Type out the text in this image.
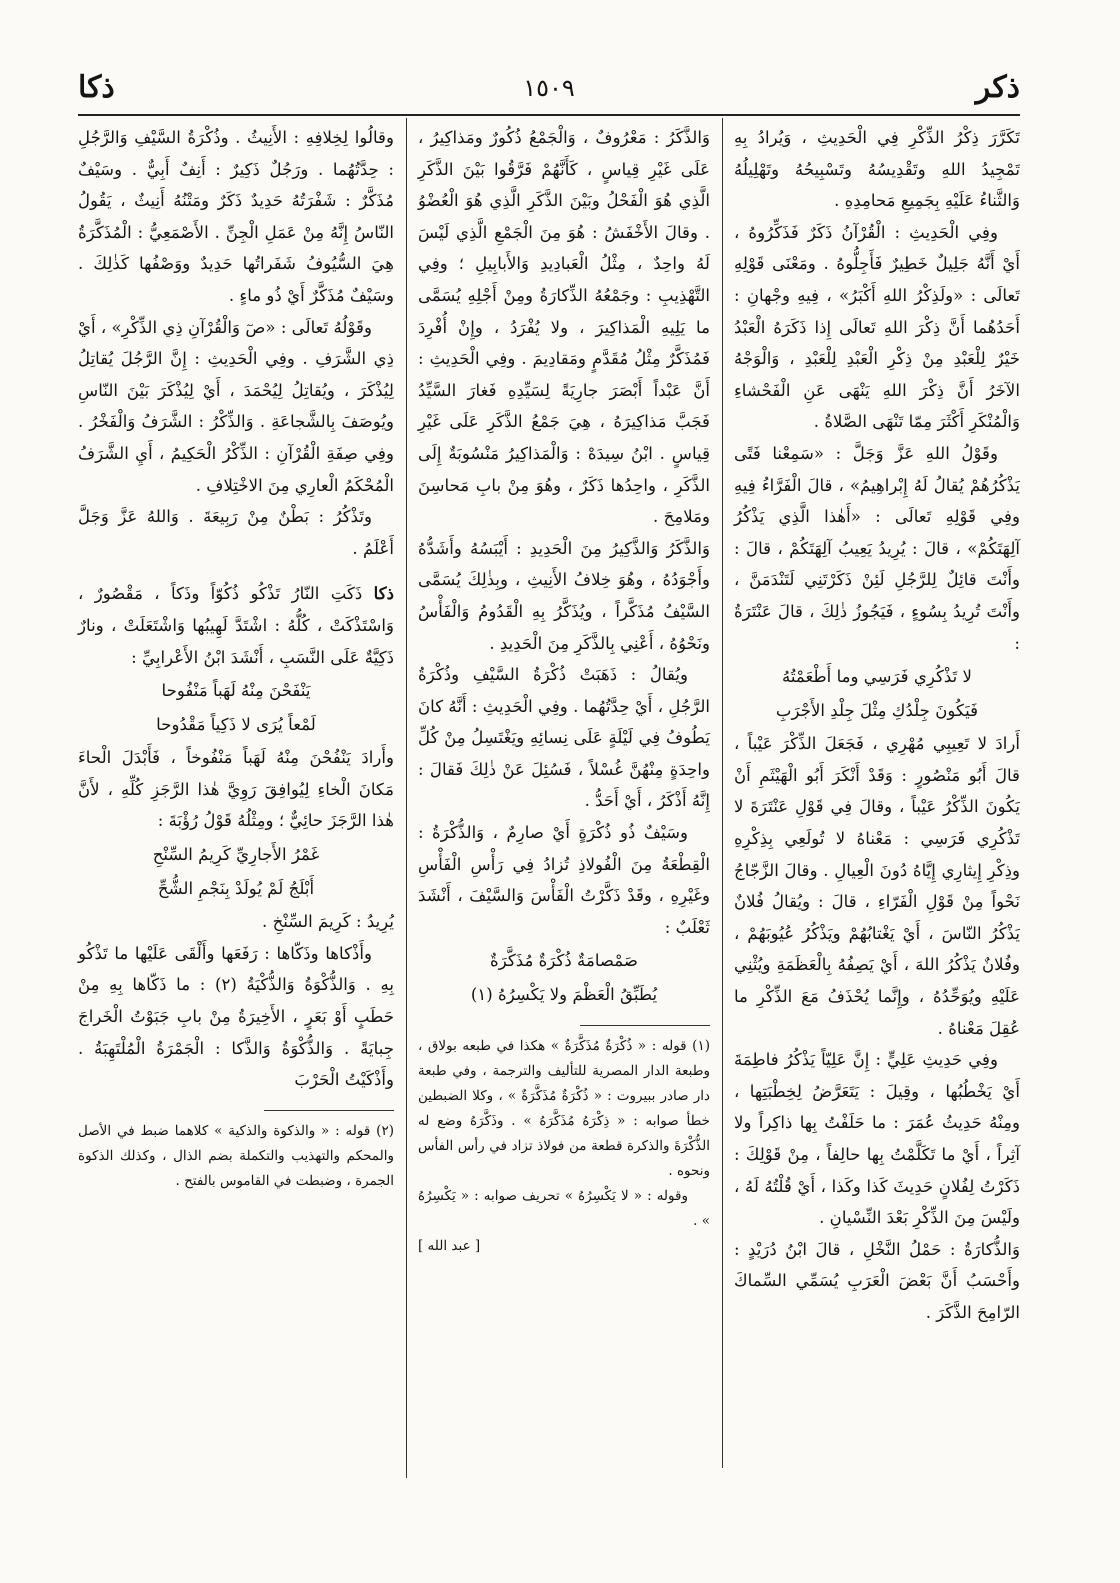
ذكر
١٥٠٩
ذكا

تَكَرَّرَ ذِكْرُ الذِّكْرِ فِي الْحَدِيثِ ، وَيُرادُ بِهِ تَمْجِيدُ اللهِ وتَقْدِيسُهُ وتَسْبِيحُهُ وتَهْلِيلُهُ وَالثَّناءُ عَلَيْهِ بِجَمِيعِ مَحامِدِهِ .

وفِي الْحَدِيثِ : الْقُرْآنُ ذَكَرٌ فَذَكِّرُوهُ ، أَيْ أَنَّهُ جَلِيلٌ خَطِيرٌ فَأَجِلُّوهُ . ومَعْنَى قَوْلِهِ تَعالَى : «ولَذِكْرُ اللهِ أَكْبَرُ» ، فِيهِ وجْهانِ : أَحَدُهُما أَنَّ ذِكْرَ اللهِ تَعالَى إِذا ذَكَرَهُ الْعَبْدُ خَيْرٌ لِلْعَبْدِ مِنْ ذِكْرِ الْعَبْدِ لِلْعَبْدِ ، وَالْوَجْهُ الآخَرُ أَنَّ ذِكْرَ اللهِ يَنْهَى عَنِ الْفَحْشاءِ وَالْمُنْكَرِ أَكْثَرَ مِمّا تَنْهَى الصَّلاةُ .

وقَوْلُ اللهِ عَزَّ وَجَلَّ : «سَمِعْنا فَتًى يَذْكُرُهُمْ يُقالُ لَهُ إِبْراهِيمُ» ، قالَ الْفَرَّاءُ فِيهِ وفِي قَوْلِهِ تَعالَى : «أَهٰذا الَّذِي يَذْكُرُ آلِهَتَكُمْ» ، قالَ : يُرِيدُ يَعِيبُ آلِهَتَكُمْ ، قالَ : وأَنْتَ قائِلٌ لِلرَّجُلِ لَئِنْ ذَكَرْتَنِي لَتَنْدَمَنَّ ، وأَنْتَ تُرِيدُ بِسُوءٍ ، فَيَجُوزُ ذٰلِكَ ، قالَ عَنْتَرَةُ :

لا تَذْكُرِي فَرَسِي وما أَطْعَمْتُهُ

فَيَكُونَ جِلْدُكِ مِثْلَ جِلْدِ الأَجْرَبِ

أَرادَ لا تَعِيبِي مُهْرِي ، فَجَعَلَ الذِّكْرَ عَيْباً ، قالَ أَبُو مَنْصُورٍ : وَقَدْ أَنْكَرَ أَبُو الْهَيْثَمِ أَنْ يَكُونَ الذِّكْرُ عَيْباً ، وقالَ فِي قَوْلِ عَنْتَرَةَ لا تَذْكُرِي فَرَسِي : مَعْناهُ لا تُولَعِي بِذِكْرِهِ وذِكْرِ إِيثارِي إِيَّاهُ دُونَ الْعِيالِ . وقالَ الزَّجّاجُ نَحْواً مِنْ قَوْلِ الْفَرّاءِ ، قالَ : ويُقالُ فُلانٌ يَذْكُرُ النّاسَ ، أَيْ يَغْتابُهُمْ ويَذْكُرُ عُيُوبَهُمْ ، وفُلانٌ يَذْكُرُ اللهَ ، أَيْ يَصِفُهُ بِالْعَظَمَةِ ويُثْنِي عَلَيْهِ ويُوَحِّدُهُ ، وإِنَّما يُحْذَفُ مَعَ الذِّكْرِ ما عُقِلَ مَعْناهُ .

وفِي حَدِيثِ عَلِيٍّ : إِنَّ عَلِيّاً يَذْكُرُ فاطِمَةَ أَيْ يَخْطُبُها ، وقِيلَ : يَتَعَرَّضُ لِخِطْبَتِها ، ومِنْهُ حَدِيثُ عُمَرَ : ما حَلَفْتُ بِها ذاكِراً ولا آثِراً ، أَيْ ما تَكَلَّمْتُ بِها حالِفاً ، مِنْ قَوْلِكَ : ذَكَرْتُ لِفُلانٍ حَدِيثَ كَذا وكَذا ، أَيْ قُلْتُهُ لَهُ ، ولَيْسَ مِنَ الذِّكْرِ بَعْدَ النِّسْيانِ .

وَالذُّكارَةُ : حَمْلُ النَّخْلِ ، قالَ ابْنُ دُرَيْدٍ : وأَحْسَبُ أَنَّ بَعْضَ الْعَرَبِ يُسَمِّي السِّماكَ الرّامِحَ الذَّكَرَ .

وَالذَّكَرُ : مَعْرُوفٌ ، وَالْجَمْعُ ذُكُورٌ ومَذاكِيرُ ، عَلَى غَيْرِ قِياسٍ ، كَأَنَّهُمْ فَرَّقُوا بَيْنَ الذَّكَرِ الَّذِي هُوَ الْفَحْلُ وبَيْنَ الذَّكَرِ الَّذِي هُوَ الْعُضْوُ . وقالَ الأَخْفَشُ : هُوَ مِنَ الْجَمْعِ الَّذِي لَيْسَ لَهُ واحِدٌ ، مِثْلُ الْعَبادِيدِ وَالأَبابِيلِ ؛ وفِي التَّهْذِيبِ : وجَمْعُهُ الذِّكارَةُ ومِنْ أَجْلِهِ يُسَمَّى ما يَلِيهِ الْمَذاكِيرَ ، ولا يُفْرَدُ ، وإِنْ أُفْرِدَ فَمُذَكَّرٌ مِثْلُ مُقَدَّمٍ ومَقادِيمَ . وفِي الْحَدِيثِ : أَنَّ عَبْداً أَبْصَرَ جارِيَةً لِسَيِّدِهِ فَغارَ السَّيِّدُ فَجَبَّ مَذاكِيرَهُ ، هِيَ جَمْعُ الذَّكَرِ عَلَى غَيْرِ قِياسٍ . ابْنُ سِيدَهْ : وَالْمَذاكِيرُ مَنْسُوبَةٌ إِلَى الذَّكَرِ ، واحِدُها ذَكَرٌ ، وهُوَ مِنْ بابِ مَحاسِنَ ومَلامِحَ .

وَالذَّكَرُ وَالذَّكِيرُ مِنَ الْحَدِيدِ : أَيْبَسُهُ وأَشَدُّهُ وأَجْوَدُهُ ، وهُوَ خِلافُ الأَنِيثِ ، وبِذٰلِكَ يُسَمَّى السَّيْفُ مُذَكَّراً ، ويُذَكَّرُ بِهِ الْقَدُومُ وَالْفَأْسُ ونَحْوُهُ ، أَعْنِي بِالذَّكَرِ مِنَ الْحَدِيدِ .

ويُقالُ : ذَهَبَتْ ذُكْرَةُ السَّيْفِ وذُكْرَةُ الرَّجُلِ ، أَيْ حِدَّتُهُما . وفِي الْحَدِيثِ : أَنَّهُ كانَ يَطُوفُ فِي لَيْلَةٍ عَلَى نِسائِهِ ويَغْتَسِلُ مِنْ كُلِّ واحِدَةٍ مِنْهُنَّ غُسْلاً ، فَسُئِلَ عَنْ ذٰلِكَ فَقالَ : إِنَّهُ أَذْكَرُ ، أَيْ أَحَدُّ .

وسَيْفٌ ذُو ذُكْرَةٍ أَيْ صارِمٌ ، وَالذُّكْرَةُ : الْقِطْعَةُ مِنَ الْفُولاذِ تُزادُ فِي رَأْسِ الْفَأْسِ وغَيْرِهِ ، وقَدْ ذَكَّرْتُ الْفَأْسَ وَالسَّيْفَ ، أَنْشَدَ ثَعْلَبٌ :

صَمْصامَةٌ ذُكْرَةٌ مُذَكَّرَةٌ

يُطَبِّقُ الْعَظْمَ ولا يَكْسِرُهُ (١)

(١) قوله : « ذُكْرَةٌ مُذَكَّرَةٌ » هكذا في طبعه بولاق ، وطبعة الدار المصرية للتأليف والترجمة ، وفي طبعة دار صادر ببيروت : « ذُكْرَةٌ مُذَكَّرَةٌ » ، وكلا الضبطين خطأ صوابه : « ذِكْرَهُ مُذَكَّرَهُ » . وذَكَّرَهُ وضع له الذُّكْرَةَ والذكرة قطعة من فولاذ تزاد في رأس الفأس ونحوه .

وقوله : « لا يَكْسِرُهُ » تحريف صوابه : « يَكْسِرُهُ » .

[ عبد الله ]

وقالُوا لِخِلافِهِ : الأَنِيثُ . وذُكْرَةُ السَّيْفِ وَالرَّجُلِ : حِدَّتُهُما . ورَجُلٌ ذَكِيرٌ : أَنِفٌ أَبِيٌّ . وسَيْفٌ مُذَكَّرٌ : شَفْرَتُهُ حَدِيدٌ ذَكَرٌ ومَتْنُهُ أَنِيثٌ ، يَقُولُ النّاسُ إِنَّهُ مِنْ عَمَلِ الْجِنِّ . الأَصْمَعِيُّ : الْمُذَكَّرَةُ هِيَ السُّيُوفُ شَفَراتُها حَدِيدٌ ووَصْفُها كَذٰلِكَ . وسَيْفٌ مُذَكَّرٌ أَيْ ذُو ماءٍ .

وقَوْلُهُ تَعالَى : «صٓ وَالْقُرْآنِ ذِي الذِّكْرِ» ، أَيْ ذِي الشَّرَفِ . وفِي الْحَدِيثِ : إِنَّ الرَّجُلَ يُقاتِلُ لِيُذْكَرَ ، ويُقاتِلُ لِيُحْمَدَ ، أَيْ لِيُذْكَرَ بَيْنَ النّاسِ ويُوصَفَ بِالشَّجاعَةِ . وَالذِّكْرُ : الشَّرَفُ وَالْفَخْرُ . وفِي صِفَةِ الْقُرْآنِ : الذِّكْرُ الْحَكِيمُ ، أَيِ الشَّرَفُ الْمُحْكَمُ الْعارِي مِنَ الاخْتِلافِ .

وتَذْكُرُ : بَطْنٌ مِنْ رَبِيعَةَ . وَاللهُ عَزَّ وَجَلَّ أَعْلَمُ .

ذكا ذَكَتِ النّارُ تَذْكُو ذُكُوّاً وذَكاً ، مَقْصُورٌ ، وَاسْتَذْكَتْ ، كُلُّهُ : اشْتَدَّ لَهِيبُها وَاشْتَعَلَتْ ، ونارٌ ذَكِيَّةٌ عَلَى النَّسَبِ ، أَنْشَدَ ابْنُ الأَعْرابِيِّ :

يَنْفَحْنَ مِنْهُ لَهَباً مَنْفُوحا

لَمْعاً يُرَى لا ذَكِياً مَقْدُوحا

وأَرادَ يَنْفُحْنَ مِنْهُ لَهَباً مَنْفُوخاً ، فَأَبْدَلَ الْحاءَ مَكانَ الْخاءِ لِيُوافِقَ رَوِيَّ هٰذا الرَّجَزِ كُلِّهِ ، لأَنَّ هٰذا الرَّجَزَ حائِيٌّ ؛ ومِثْلُهُ قَوْلُ رُؤْبَةَ :

غَمْرُ الأَجارِيِّ كَرِيمُ السِّنْحِ

أَبْلَجُ لَمْ يُولَدْ بِنَجْمِ الشُّحِّ

يُرِيدُ : كَرِيمَ السِّنْخِ .

وأَذْكاها وذَكّاها : رَفَعَها وأَلْقَى عَلَيْها ما تَذْكُو بِهِ . وَالذُّكْوَةُ وَالذُّكْيَةُ (٢) : ما ذَكّاها بِهِ مِنْ حَطَبٍ أَوْ بَعَرٍ ، الأَخِيرَةُ مِنْ بابِ جَبَوْتُ الْخَراجَ جِبايَةً . وَالذُّكْوَةُ وَالذَّكا : الْجَمْرَةُ الْمُلْتَهِبَةُ . وأَذْكَيْتُ الْحَرْبَ

(٢) قوله : « والذكوة والذكية » كلاهما ضبط في الأصل والمحكم والتهذيب والتكملة بضم الذال ، وكذلك الذكوة الجمرة ، وضبطت في القاموس بالفتح .
